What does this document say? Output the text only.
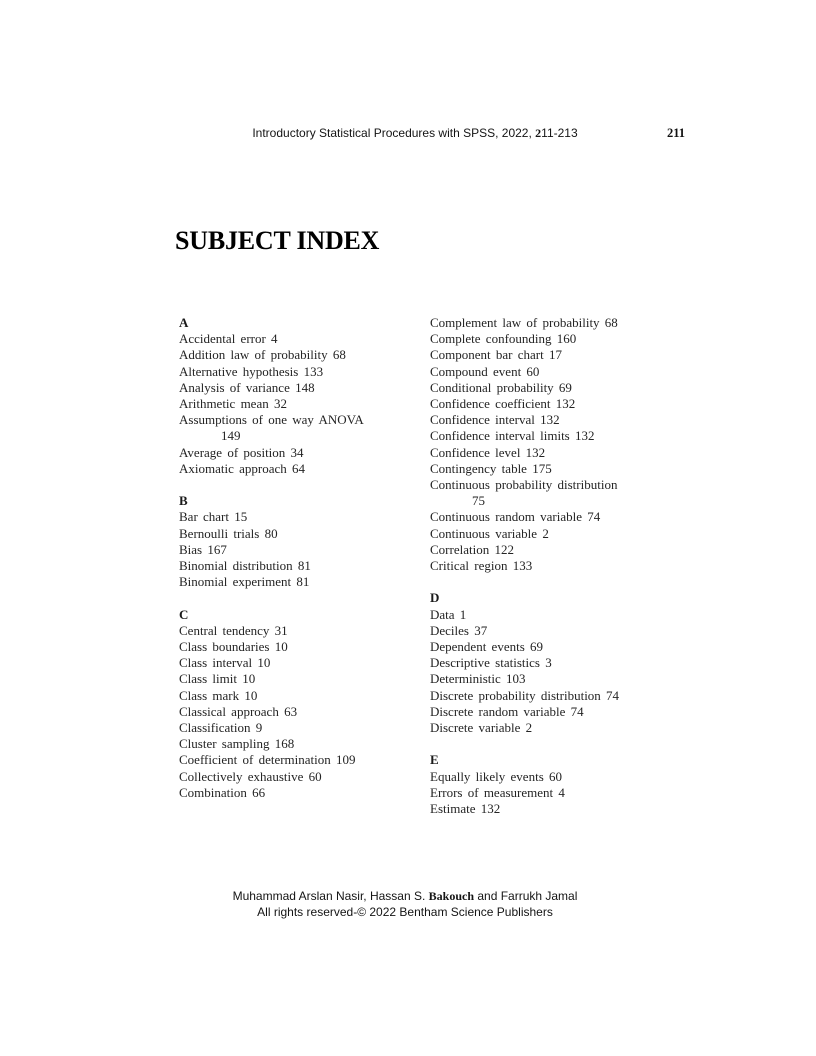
Introductory Statistical Procedures with SPSS, 2022, 211-213	211
SUBJECT INDEX
A
Accidental error 4
Addition law of probability 68
Alternative hypothesis 133
Analysis of variance 148
Arithmetic mean 32
Assumptions of one way ANOVA
149
Average of position 34
Axiomatic approach 64
B
Bar chart 15
Bernoulli trials 80
Bias 167
Binomial distribution 81
Binomial experiment 81
C
Central tendency 31
Class boundaries 10
Class interval 10
Class limit 10
Class mark 10
Classical approach 63
Classification 9
Cluster sampling 168
Coefficient of determination 109
Collectively exhaustive 60
Combination 66
Complement law of probability 68
Complete confounding 160
Component bar chart 17
Compound event 60
Conditional probability 69
Confidence coefficient 132
Confidence interval 132
Confidence interval limits 132
Confidence level 132
Contingency table 175
Continuous probability distribution
75
Continuous random variable 74
Continuous variable 2
Correlation 122
Critical region 133
D
Data 1
Deciles 37
Dependent events 69
Descriptive statistics 3
Deterministic 103
Discrete probability distribution 74
Discrete random variable 74
Discrete variable 2
E
Equally likely events 60
Errors of measurement 4
Estimate 132
Muhammad Arslan Nasir, Hassan S. Bakouch and Farrukh Jamal
All rights reserved-© 2022 Bentham Science Publishers
